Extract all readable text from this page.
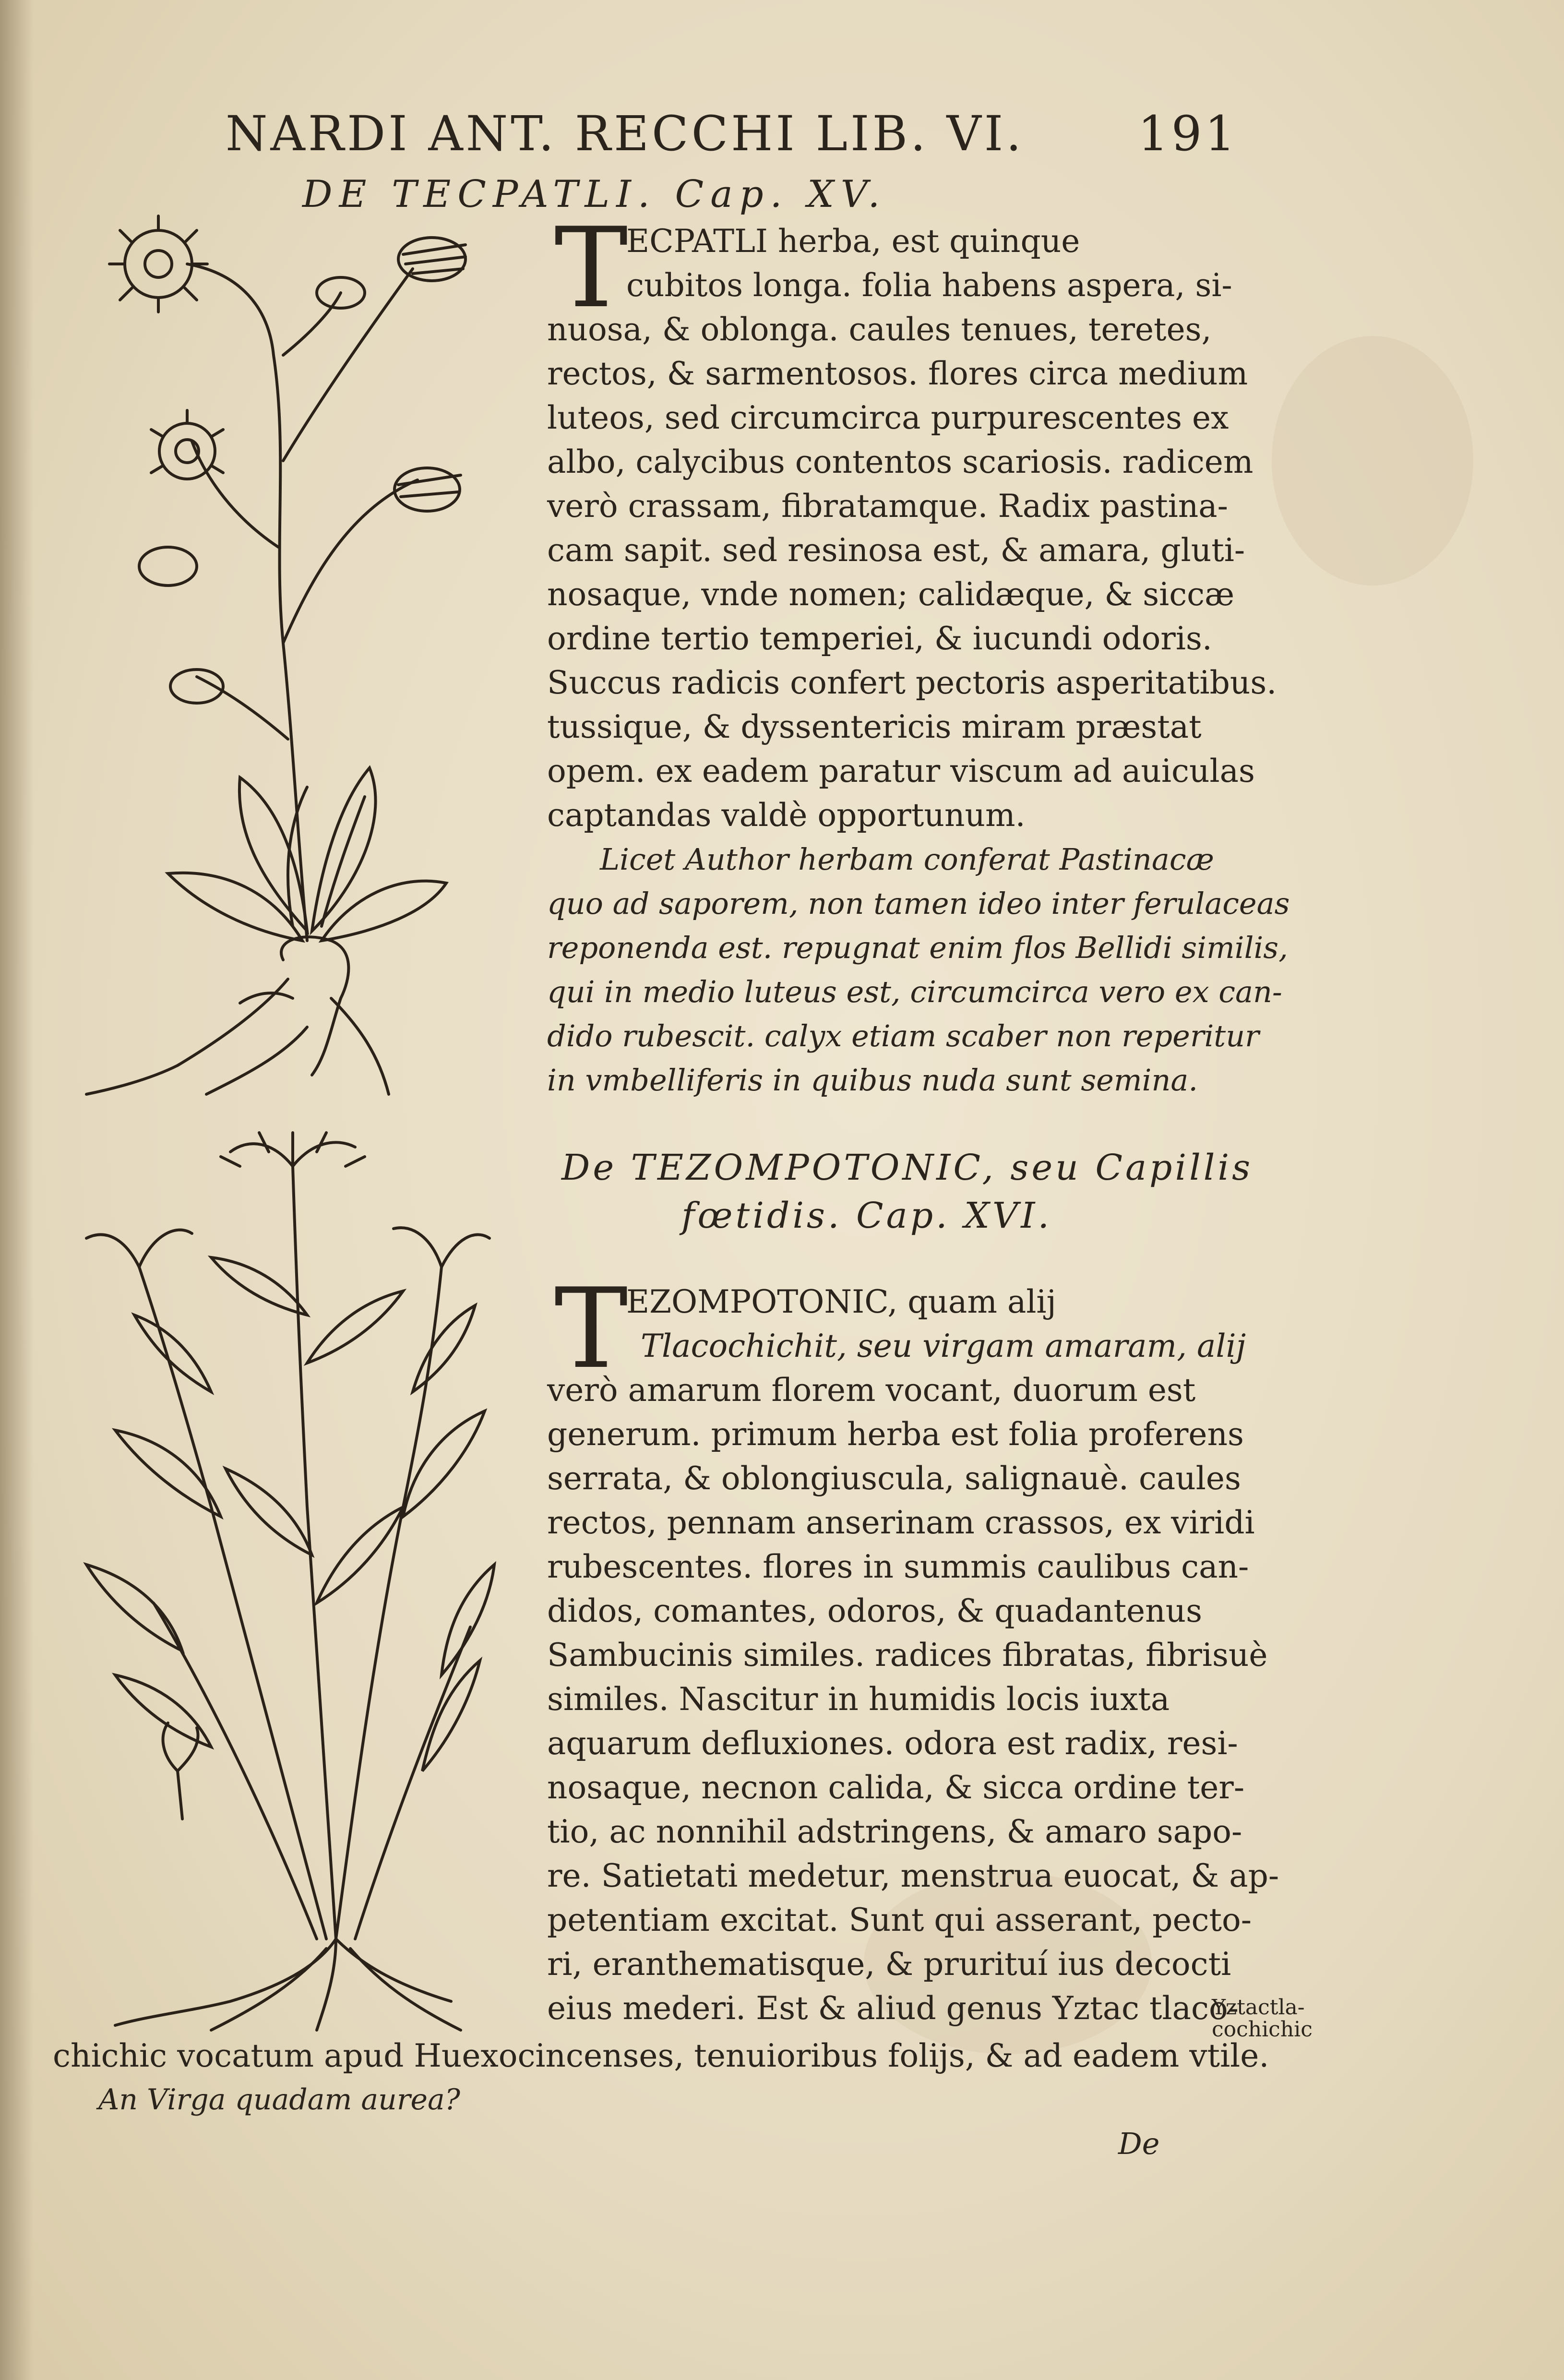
NARDI ANT. RECCHI LIB. VI. 191
DE TECPATLI. Cap. XV.
T
ECPATLI herba, est quinque
cubitos longa. folia habens aspera, si-
nuosa, & oblonga. caules tenues, teretes,
rectos, & sarmentosos. flores circa medium
luteos, sed circumcirca purpurescentes ex
albo, calycibus contentos scariosis. radicem
verò crassam, fibratamque. Radix pastina-
cam sapit. sed resinosa est, & amara, gluti-
nosaque, vnde nomen; calidæque, & siccæ
ordine tertio temperiei, & iucundi odoris.
Succus radicis confert pectoris asperitatibus.
tussique, & dyssentericis miram præstat
opem. ex eadem paratur viscum ad auiculas
captandas valdè opportunum.
Licet Author herbam conferat Pastinacæ
quo ad saporem, non tamen ideo inter ferulaceas
reponenda est. repugnat enim flos Bellidi similis,
qui in medio luteus est, circumcirca vero ex can-
dido rubescit. calyx etiam scaber non reperitur
in vmbelliferis in quibus nuda sunt semina.
De TEZOMPOTONIC, seu Capillis
fœtidis. Cap. XVI.
T
EZOMPOTONIC, quam alij
Tlacochichit, seu virgam amaram, alij
verò amarum florem vocant, duorum est
generum. primum herba est folia proferens
serrata, & oblongiuscula, salignauè. caules
rectos, pennam anserinam crassos, ex viridi
rubescentes. flores in summis caulibus can-
didos, comantes, odoros, & quadantenus
Sambucinis similes. radices fibratas, fibrisuè
similes. Nascitur in humidis locis iuxta
aquarum defluxiones. odora est radix, resi-
nosaque, necnon calida, & sicca ordine ter-
tio, ac nonnihil adstringens, & amaro sapo-
re. Satietati medetur, menstrua euocat, & ap-
petentiam excitat. Sunt qui asserant, pecto-
ri, eranthematisque, & prurituí ius decocti
eius mederi. Est & aliud genus Yztac tlaco-
Yztactla-
cochichic
chichic vocatum apud Huexocincenses, tenuioribus folijs, & ad eadem vtile.
An Virga quadam aurea?
De
